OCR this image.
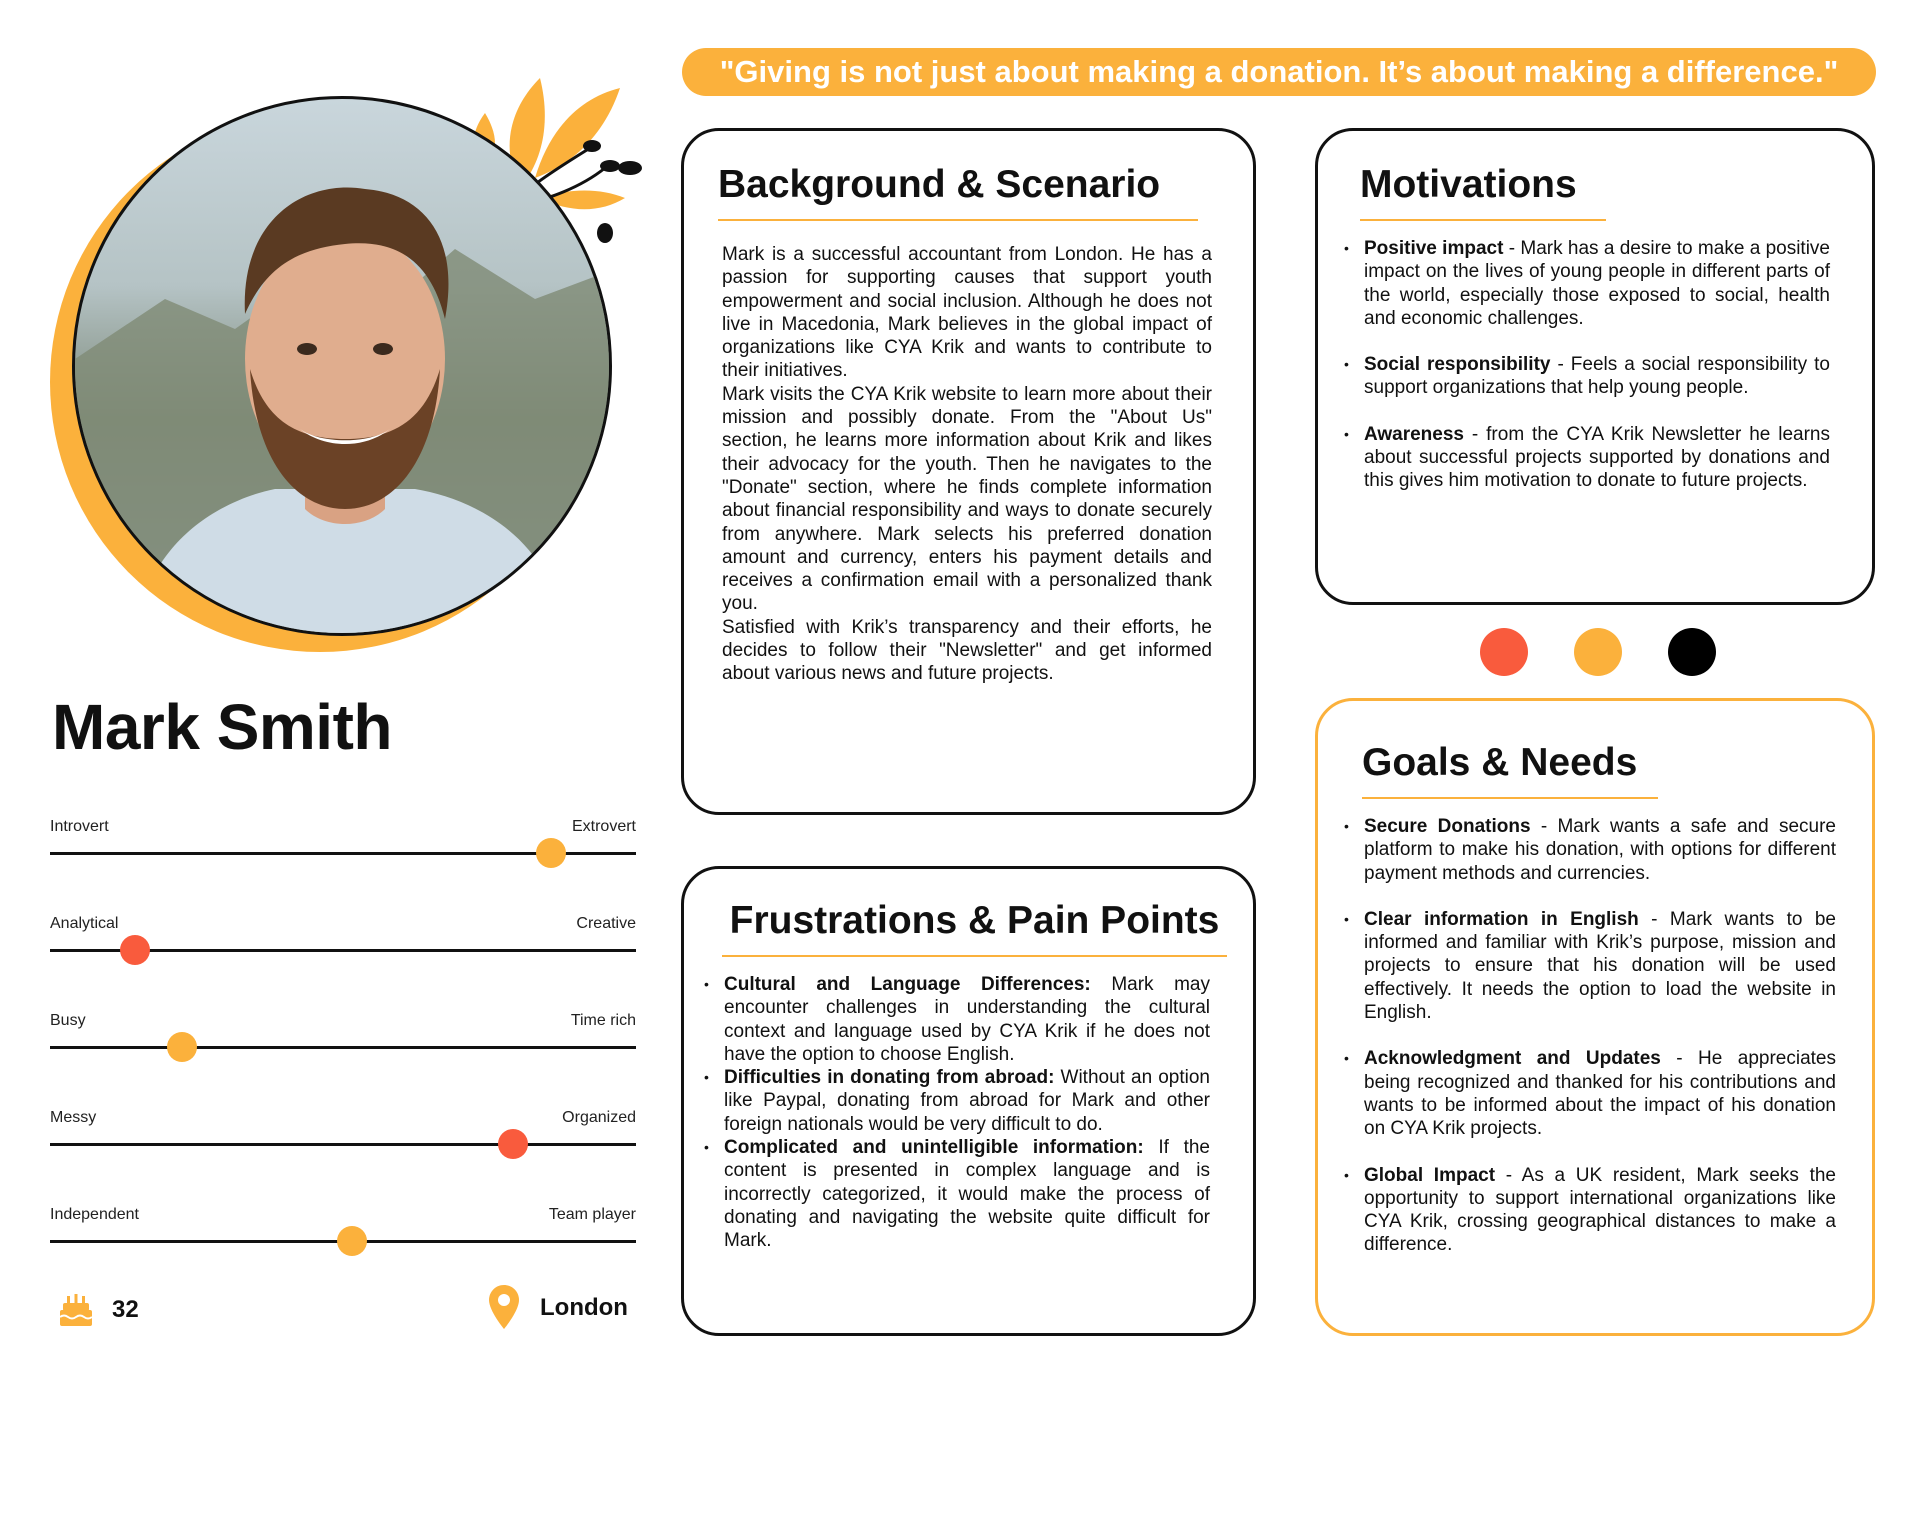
"Giving is not just about making a donation. It’s about making a difference."
Mark Smith
Introvert	Extrovert
Analytical	Creative
Busy	Time rich
Messy	Organized
Independent	Team player
32	London
Background & Scenario

Mark is a successful accountant from London. He has a passion for supporting causes that support youth empowerment and social inclusion. Although he does not live in Macedonia, Mark believes in the global impact of organizations like CYA Krik and wants to contribute to their initiatives.

Mark visits the CYA Krik website to learn more about their mission and possibly donate. From the "About Us" section, he learns more information about Krik and likes their advocacy for the youth. Then he navigates to the "Donate" section, where he finds complete information about financial responsibility and ways to donate securely from anywhere. Mark selects his preferred donation amount and currency, enters his payment details and receives a confirmation email with a personalized thank you.

Satisfied with Krik’s transparency and their efforts, he decides to follow their "Newsletter" and get informed about various news and future projects.

Frustrations & Pain Points
• Cultural and Language Differences: Mark may encounter challenges in understanding the cultural context and language used by CYA Krik if he does not have the option to choose English.
• Difficulties in donating from abroad: Without an option like Paypal, donating from abroad for Mark and other foreign nationals would be very difficult to do.
• Complicated and unintelligible information: If the content is presented in complex language and is incorrectly categorized, it would make the process of donating and navigating the website quite difficult for Mark.
Motivations
• Positive impact - Mark has a desire to make a positive impact on the lives of young people in different parts of the world, especially those exposed to social, health and economic challenges.
• Social responsibility - Feels a social responsibility to support organizations that help young people.
• Awareness - from the CYA Krik Newsletter he learns about successful projects supported by donations and this gives him motivation to donate to future projects.
Goals & Needs
• Secure Donations - Mark wants a safe and secure platform to make his donation, with options for different payment methods and currencies.
• Clear information in English - Mark wants to be informed and familiar with Krik’s purpose, mission and projects to ensure that his donation will be used effectively. It needs the option to load the website in English.
• Acknowledgment and Updates - He appreciates being recognized and thanked for his contributions and wants to be informed about the impact of his donation on CYA Krik projects.
• Global Impact - As a UK resident, Mark seeks the opportunity to support international organizations like CYA Krik, crossing geographical distances to make a difference.
